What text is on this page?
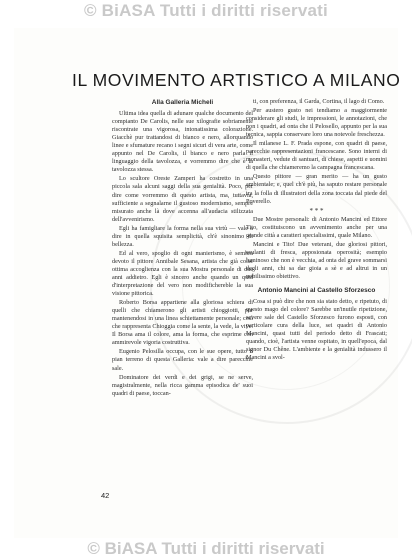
© BiASA Tutti i diritti riservati
IL MOVIMENTO ARTISTICO A MILANO
Alla Galleria Micheli

Ultima idea quella di adunare qualche documento del compianto De Carolis, nelle sue xilografie sobriamente riscontrate una vigorosa, intonatissima colorazione. Giacchè pur trattandosi di bianco e nero, allorquando linee e sfumature recano i segni sicuri di vera arte, come appunto nel De Carolis, il bianco e nero parla il linguaggio della tavolozza, e vorremmo dire che è la tavolozza stessa.

Lo scultore Oreste Zamperi ha costretto in una piccola sala alcuni saggi della sua genialità. Poco, per dire come vorremmo di questo artista, ma, tuttavia, sufficiente a segnalarne il gustoso modernismo, sempre misurato anche là dove accenna all'audacia stilizzata dell'avvenirismo.

Egli ha famigliare la forma nella sua virtù — vale a dire in quella squisita semplicità, ch'è sinonimo di bellezza.

Ed al vero, spoglio di ogni manierismo, è sembra devoto il pittore Annibale Sesana, artista che già colse ottima accoglienza con la sua Mostra personale di due anni addietro. Egli è sincero anche quando un quid d'interpretazione del vero non modifichereble la sua visione pittorica.

Roberto Borsa appartiene alla gloriosa schiera di quelli che chiamerono gli artisti chioggiotti, pur mantenendosi in una linea schiettamente personale; così che rappresenta Chioggia come la sente, la vede, la vive. Il Borsa ama il colore, ama la forma, che esprime con ammirevole vigoria costruttiva.

Eugenio Pelosilla occupa, con le sue opere, tutto il pian terreno di questa Galleria: vale a dire parecchie sale.

Dominatore dei verdi e dei grigi, se ne serve, magistralmente, nella ricca gamma episodica de' suoi quadri di paese, toccan-

ti, con preferenza, il Garda, Cortina, il lago di Como.

Per austero gusto nei tendiamo a maggiormente considerare gli studi, le impressioni, le annotazioni, che non i quadri, ad onta che il Pelosello, appunto per la sua tecnica, sappia conservare loro una notevole freschezza.

Il milanese L. F. Prada espone, con quadri di paese, parecchie rappresentazioni francescane. Sono interni di monasteri, vedute di santuari, di chiese, aspetti e uomini di quella che chiameremo la campagna francescana.

Questo pittore — gran merito — ha un gusto ambientale; e, quel ch'è più, ha saputo restare personale tra la folla di illustratori della zona toccata dal piede del Poverello.

* * *

Due Mostre personali: di Antonio Mancini ed Ettore Tito, costituiscono un avvenimento anche per una grande città a caratteri specialissimi, quale Milano.

Mancini e Tito! Due veterani, due gloriosi pittori, esulanti di fresca, apposionata operosità; esempio luminoso che non è vecchia, ad onta del grave sommarsi degli anni, chi sa dar gioia a sè e ad altrui in un nobilissimo obiettivo.

Antonio Mancini al Castello Sforzesco

Cosa si può dire che non sia stato detto, e ripetuto, di questo mago del colore? Sarebbe un'inutile ripetizione, severe sale del Castello Sforzesco furono esposti, con particolare cura della luce, sei quadri di Antonio Mancini, quasi tutti del periodo detto di Frascati; quando, cioè, l'artista venne ospitato, in quell'epoca, dal signor Du Chêne. L'ambiente e la genialità indussero il Mancini a svol-

42
© BiASA Tutti i diritti riservati
